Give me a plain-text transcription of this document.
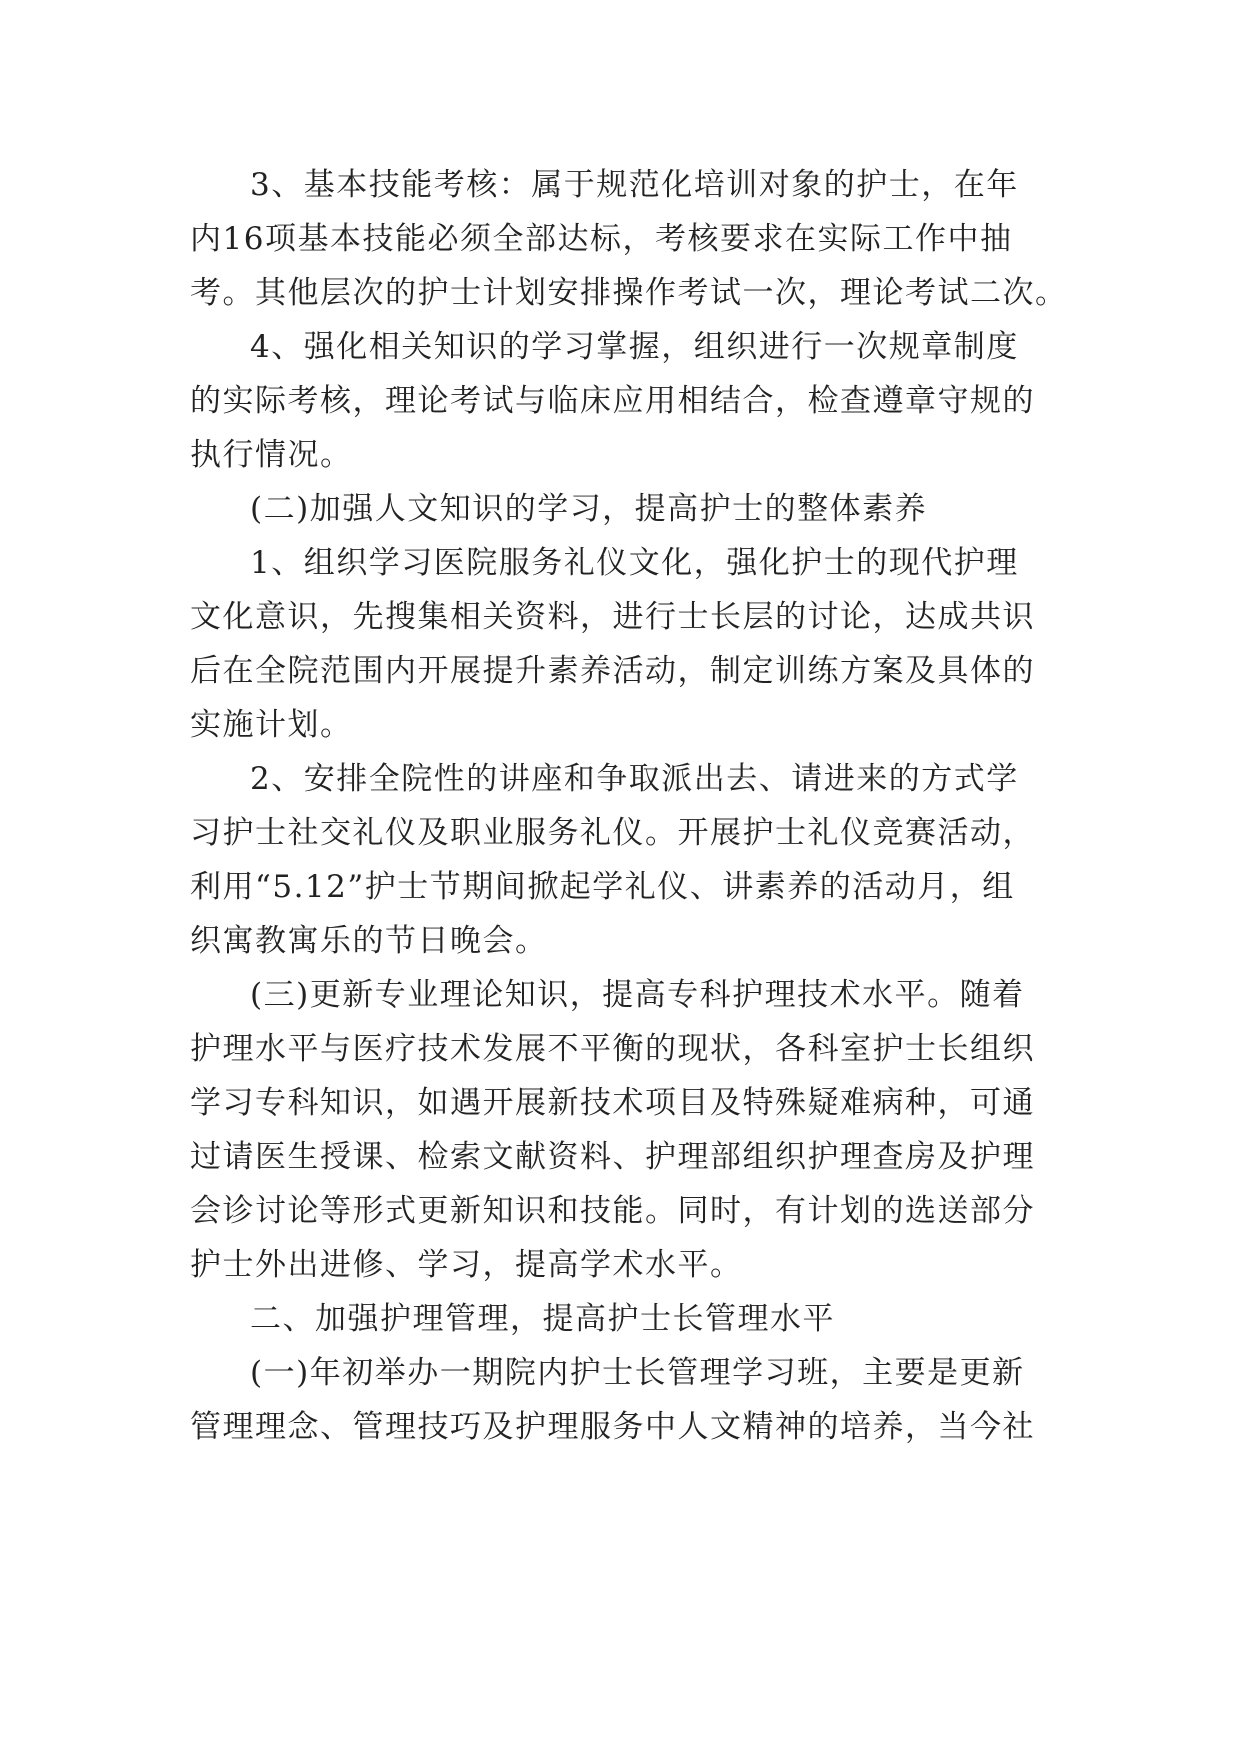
3、基本技能考核：属于规范化培训对象的护士，在年
内16项基本技能必须全部达标，考核要求在实际工作中抽
考。其他层次的护士计划安排操作考试一次，理论考试二次。
4、强化相关知识的学习掌握，组织进行一次规章制度
的实际考核，理论考试与临床应用相结合，检查遵章守规的
执行情况。
(二)加强人文知识的学习，提高护士的整体素养
1、组织学习医院服务礼仪文化，强化护士的现代护理
文化意识，先搜集相关资料，进行士长层的讨论，达成共识
后在全院范围内开展提升素养活动，制定训练方案及具体的
实施计划。
2、安排全院性的讲座和争取派出去、请进来的方式学
习护士社交礼仪及职业服务礼仪。开展护士礼仪竞赛活动，
利用“5.12”护士节期间掀起学礼仪、讲素养的活动月，组
织寓教寓乐的节日晚会。
(三)更新专业理论知识，提高专科护理技术水平。随着
护理水平与医疗技术发展不平衡的现状，各科室护士长组织
学习专科知识，如遇开展新技术项目及特殊疑难病种，可通
过请医生授课、检索文献资料、护理部组织护理查房及护理
会诊讨论等形式更新知识和技能。同时，有计划的选送部分
护士外出进修、学习，提高学术水平。
二、加强护理管理，提高护士长管理水平
(一)年初举办一期院内护士长管理学习班，主要是更新
管理理念、管理技巧及护理服务中人文精神的培养，当今社
